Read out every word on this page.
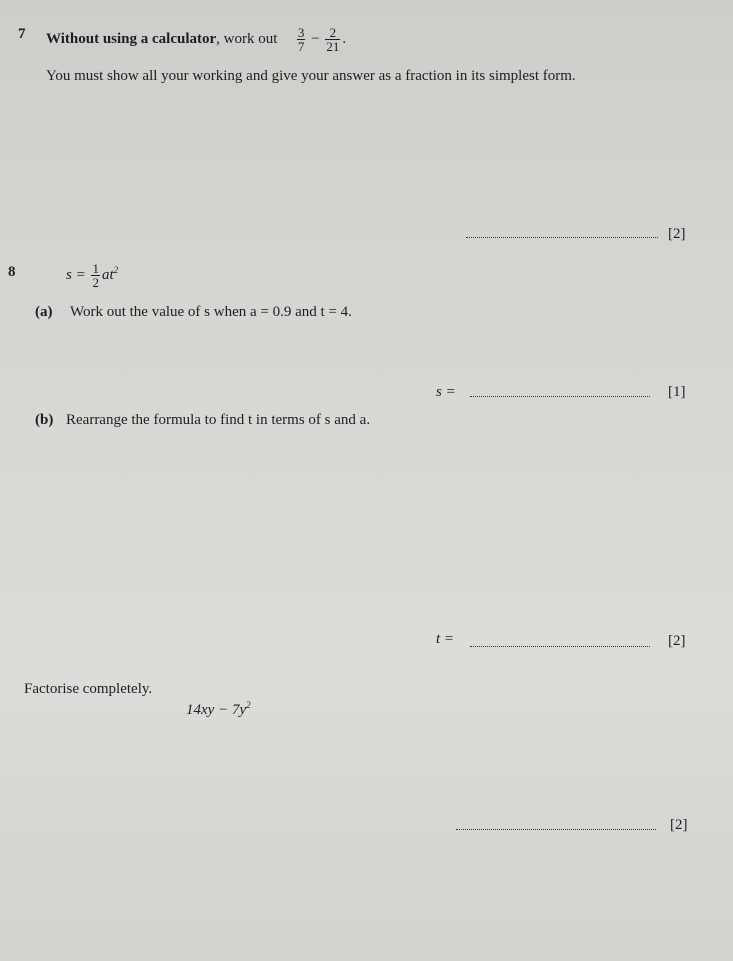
7 Without using a calculator, work out $\frac{3}{7} - \frac{2}{21}$ .
You must show all your working and give your answer as a fraction in its simplest form.
[2]
8	$s = \frac{1}{2} at^2$
(a) Work out the value of s when a = 0.9 and t = 4.
s =	[1]
(b) Rearrange the formula to find t in terms of s and a.
t =	[2]
Factorise completely.
$14xy - 7y^2$
[2]
